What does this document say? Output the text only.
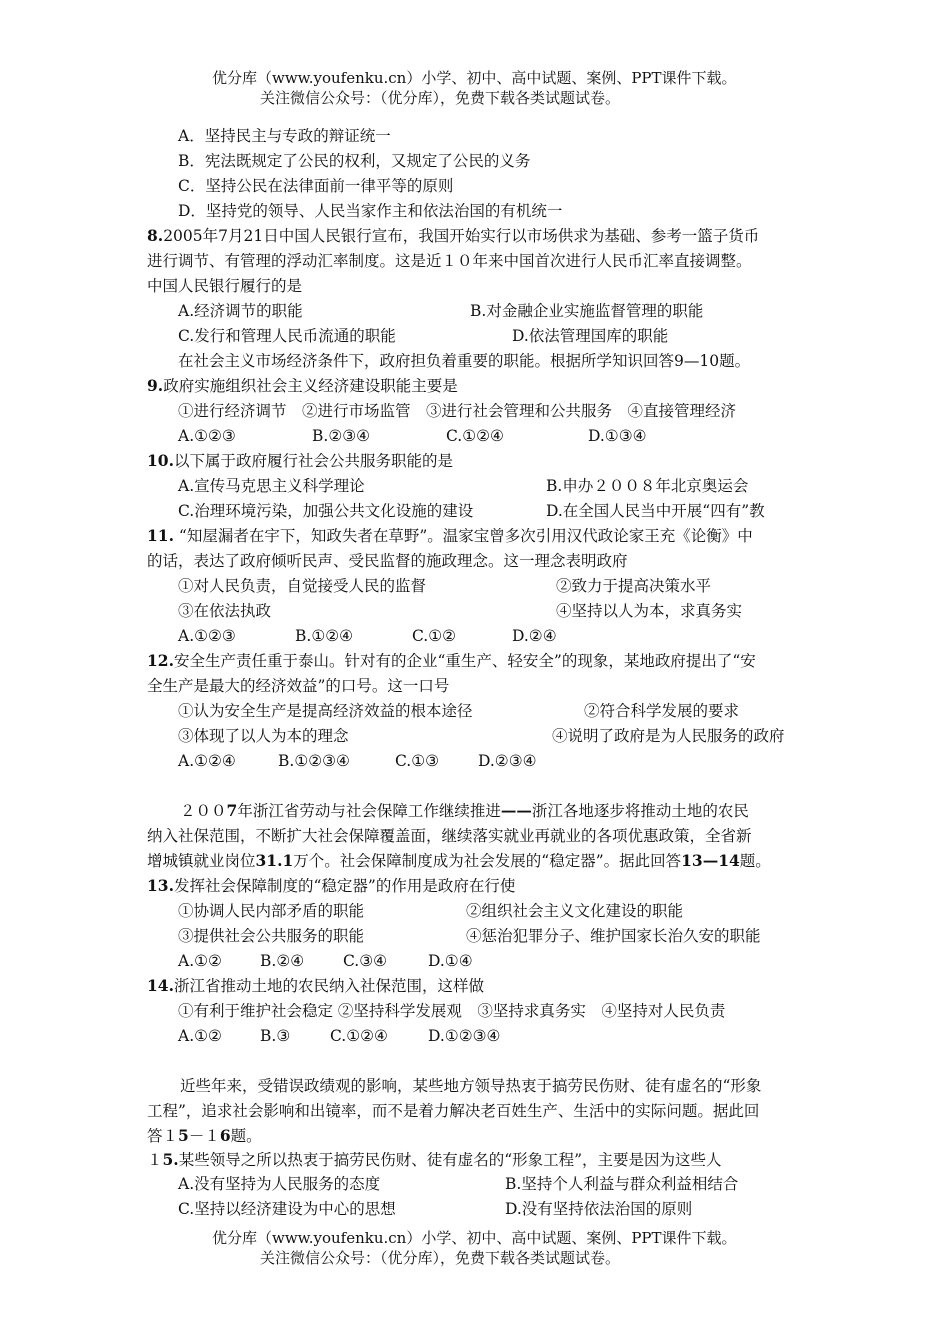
优分库（www.youfenku.cn）小学、初中、高中试题、案例、PPT课件下载。
关注微信公众号：（优分库），免费下载各类试题试卷。
A．坚持民主与专政的辩证统一
B．宪法既规定了公民的权利，又规定了公民的义务
C．坚持公民在法律面前一律平等的原则
D．坚持党的领导、人民当家作主和依法治国的有机统一
8.2005年7月21日中国人民银行宣布，我国开始实行以市场供求为基础、参考一篮子货币
进行调节、有管理的浮动汇率制度。这是近１０年来中国首次进行人民币汇率直接调整。
中国人民银行履行的是
A.经济调节的职能	B.对金融企业实施监督管理的职能
C.发行和管理人民币流通的职能	D.依法管理国库的职能
在社会主义市场经济条件下，政府担负着重要的职能。根据所学知识回答9—10题。
9.政府实施组织社会主义经济建设职能主要是
①进行经济调节　②进行市场监管　③进行社会管理和公共服务　④直接管理经济
A.①②③	B.②③④	C.①②④	D.①③④
10.以下属于政府履行社会公共服务职能的是
A.宣传马克思主义科学理论	B.申办２００８年北京奥运会
C.治理环境污染，加强公共文化设施的建设	D.在全国人民当中开展“四有”教
11. “知屋漏者在宇下，知政失者在草野”。温家宝曾多次引用汉代政论家王充《论衡》中
的话，表达了政府倾听民声、受民监督的施政理念。这一理念表明政府
①对人民负责，自觉接受人民的监督	②致力于提高决策水平
③在依法执政	④坚持以人为本，求真务实
A.①②③	B.①②④	C.①②	D.②④
12.安全生产责任重于泰山。针对有的企业“重生产、轻安全”的现象，某地政府提出了“安
全生产是最大的经济效益”的口号。这一口号
①认为安全生产是提高经济效益的根本途径	②符合科学发展的要求
③体现了以人为本的理念	④说明了政府是为人民服务的政府
A.①②④	B.①②③④	C.①③	D.②③④
２００7年浙江省劳动与社会保障工作继续推进——浙江各地逐步将推动土地的农民
纳入社保范围，不断扩大社会保障覆盖面，继续落实就业再就业的各项优惠政策，全省新
增城镇就业岗位31.1万个。社会保障制度成为社会发展的“稳定器”。据此回答13—14题。
13.发挥社会保障制度的“稳定器”的作用是政府在行使
①协调人民内部矛盾的职能	②组织社会主义文化建设的职能
③提供社会公共服务的职能	④惩治犯罪分子、维护国家长治久安的职能
A.①② B.②④	C.③④	D.①④
14.浙江省推动土地的农民纳入社保范围，这样做
①有利于维护社会稳定 ②坚持科学发展观　③坚持求真务实　④坚持对人民负责
A.①② B.③	C.①②④	D.①②③④
近些年来，受错误政绩观的影响，某些地方领导热衷于搞劳民伤财、徒有虚名的“形象
工程”，追求社会影响和出镜率，而不是着力解决老百姓生产、生活中的实际问题。据此回
答１5－１6题。
１5.某些领导之所以热衷于搞劳民伤财、徒有虚名的“形象工程”，主要是因为这些人
A.没有坚持为人民服务的态度	B.坚持个人利益与群众利益相结合
C.坚持以经济建设为中心的思想	D.没有坚持依法治国的原则
优分库（www.youfenku.cn）小学、初中、高中试题、案例、PPT课件下载。
关注微信公众号：（优分库），免费下载各类试题试卷。
